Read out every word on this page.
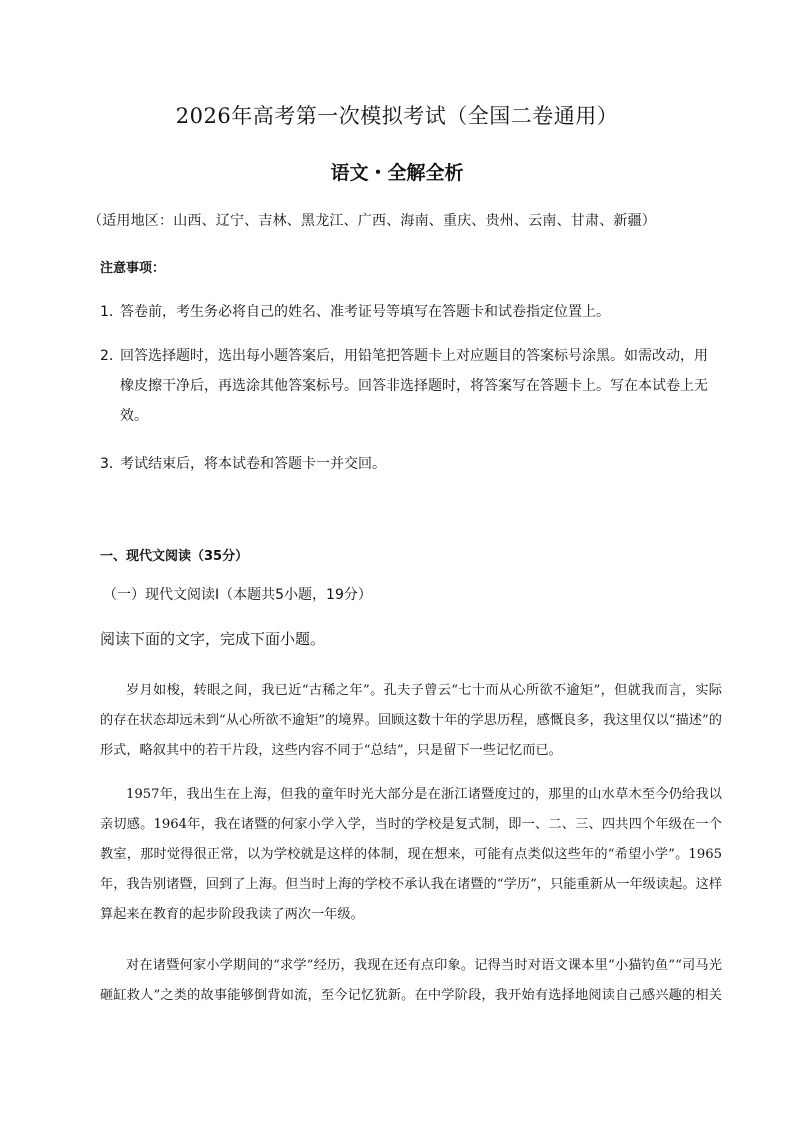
2026年高考第一次模拟考试（全国二卷通用）
语文・全解全析
（适用地区：山西、辽宁、吉林、黑龙江、广西、海南、重庆、贵州、云南、甘肃、新疆）
注意事项：
1．答卷前，考生务必将自己的姓名、准考证号等填写在答题卡和试卷指定位置上。
2．回答选择题时，选出每小题答案后，用铅笔把答题卡上对应题目的答案标号涂黑。如需改动，用
橡皮擦干净后，再选涂其他答案标号。回答非选择题时，将答案写在答题卡上。写在本试卷上无
效。
3．考试结束后，将本试卷和答题卡一并交回。
一、现代文阅读（35分）
（一）现代文阅读Ⅰ（本题共5小题，19分）
阅读下面的文字，完成下面小题。
岁月如梭，转眼之间，我已近“古稀之年”。孔夫子曾云“七十而从心所欲不逾矩”，但就我而言，实际
的存在状态却远未到“从心所欲不逾矩”的境界。回顾这数十年的学思历程，感慨良多，我这里仅以“描述”的
形式，略叙其中的若干片段，这些内容不同于“总结”，只是留下一些记忆而已。
1957年，我出生在上海，但我的童年时光大部分是在浙江诸暨度过的，那里的山水草木至今仍给我以
亲切感。1964年，我在诸暨的何家小学入学，当时的学校是复式制，即一、二、三、四共四个年级在一个
教室，那时觉得很正常，以为学校就是这样的体制，现在想来，可能有点类似这些年的“希望小学”。1965
年，我告别诸暨，回到了上海。但当时上海的学校不承认我在诸暨的“学历”，只能重新从一年级读起。这样
算起来在教育的起步阶段我读了两次一年级。
对在诸暨何家小学期间的“求学”经历，我现在还有点印象。记得当时对语文课本里“小猫钓鱼”“司马光
砸缸救人”之类的故事能够倒背如流，至今记忆犹新。在中学阶段，我开始有选择地阅读自己感兴趣的相关
